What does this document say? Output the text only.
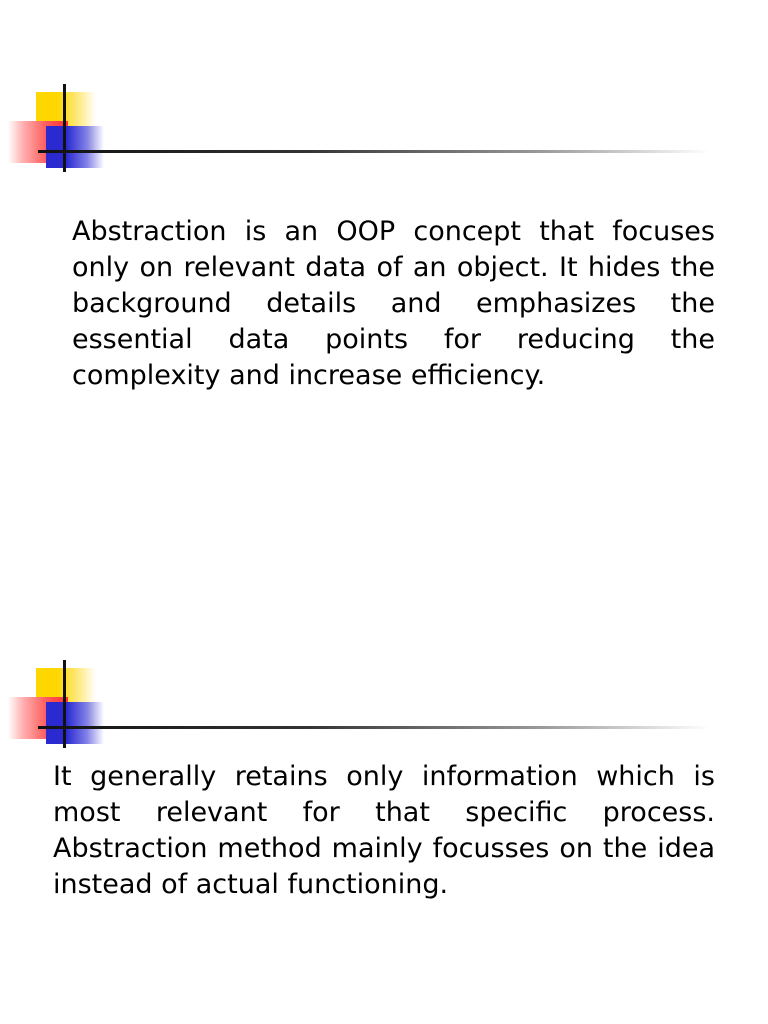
Abstraction is an OOP concept that focuses only on relevant data of an object. It hides the background details and emphasizes the essential data points for reducing the complexity and increase efficiency.

It generally retains only information which is most relevant for that specific process. Abstraction method mainly focusses on the idea instead of actual functioning.
